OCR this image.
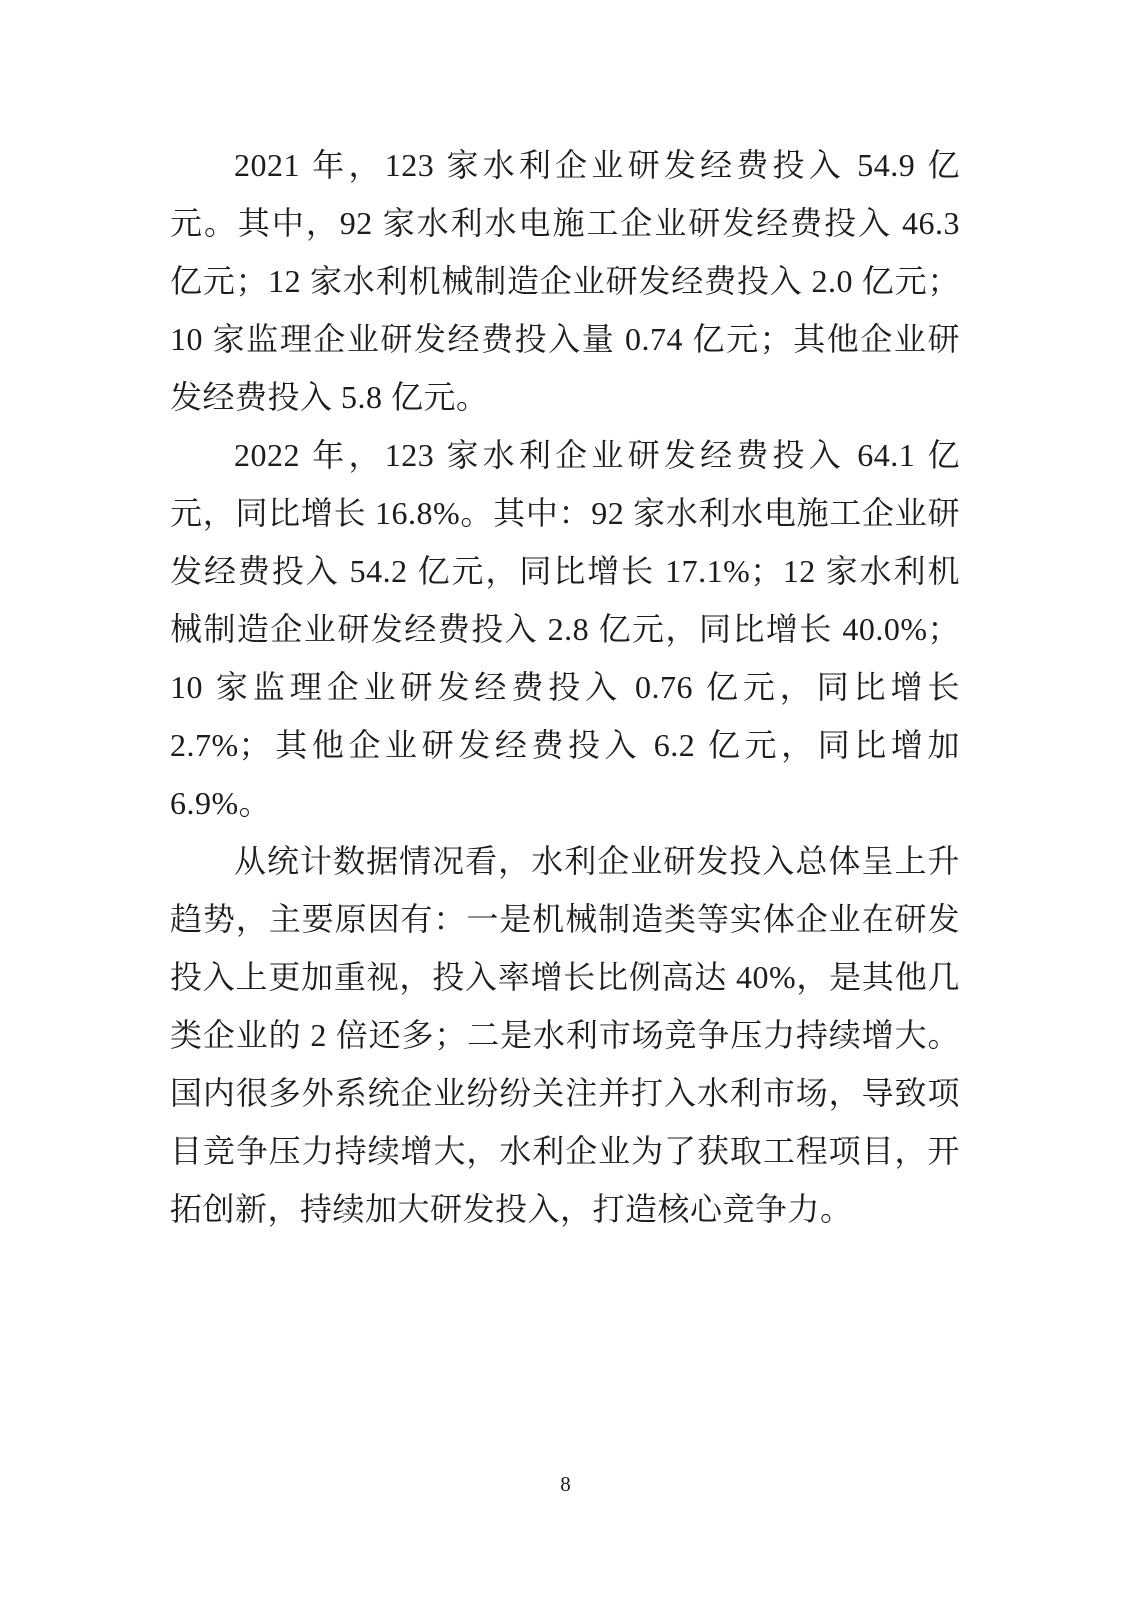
2021 年，123 家水利企业研发经费投入 54.9 亿元。其中，92 家水利水电施工企业研发经费投入 46.3 亿元；12 家水利机械制造企业研发经费投入 2.0 亿元；10 家监理企业研发经费投入量 0.74 亿元；其他企业研发经费投入 5.8 亿元。

2022 年，123 家水利企业研发经费投入 64.1 亿元，同比增长 16.8%。其中：92 家水利水电施工企业研发经费投入 54.2 亿元，同比增长 17.1%；12 家水利机械制造企业研发经费投入 2.8 亿元，同比增长 40.0%；10 家监理企业研发经费投入 0.76 亿元，同比增长 2.7%；其他企业研发经费投入 6.2 亿元，同比增加 6.9%。

从统计数据情况看，水利企业研发投入总体呈上升趋势，主要原因有：一是机械制造类等实体企业在研发投入上更加重视，投入率增长比例高达 40%，是其他几类企业的 2 倍还多；二是水利市场竞争压力持续增大。国内很多外系统企业纷纷关注并打入水利市场，导致项目竞争压力持续增大，水利企业为了获取工程项目，开拓创新，持续加大研发投入，打造核心竞争力。

8
